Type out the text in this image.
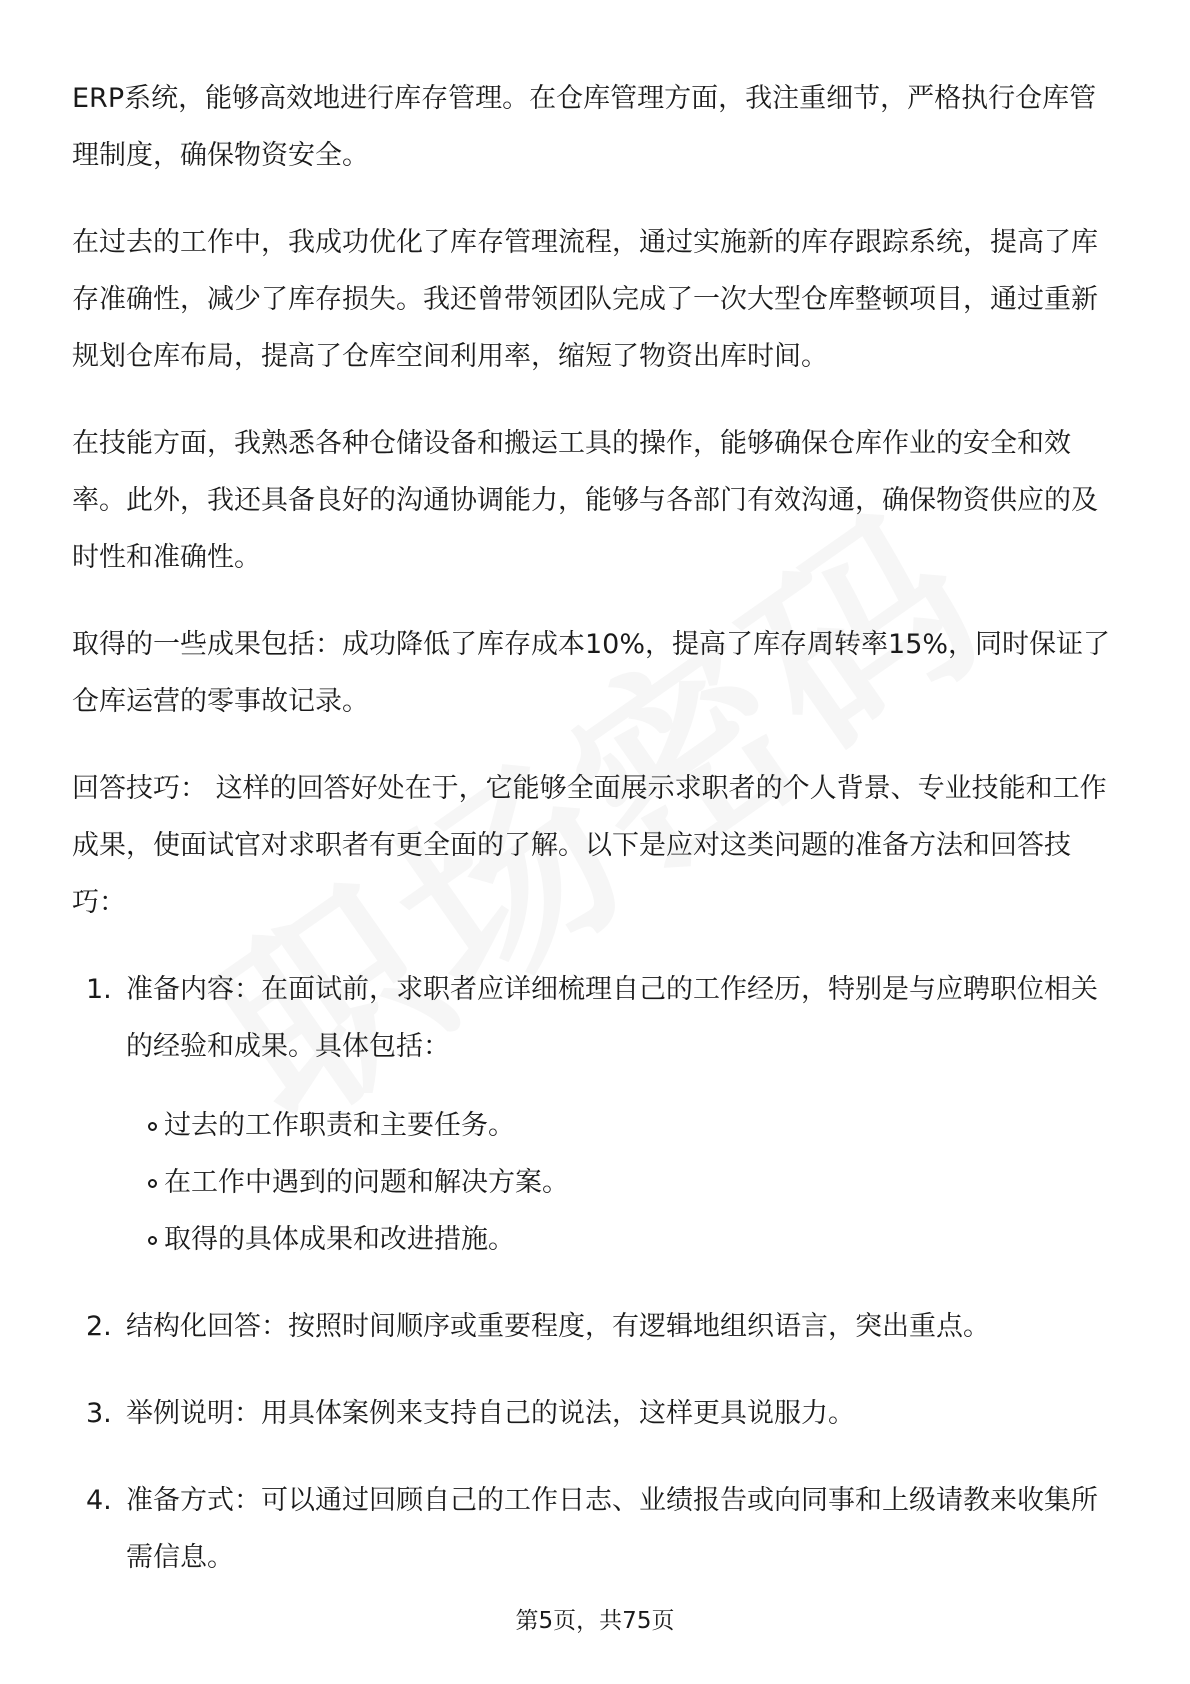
ERP系统，能够高效地进行库存管理。在仓库管理方面，我注重细节，严格执行仓库管理制度，确保物资安全。

在过去的工作中，我成功优化了库存管理流程，通过实施新的库存跟踪系统，提高了库存准确性，减少了库存损失。我还曾带领团队完成了一次大型仓库整顿项目，通过重新规划仓库布局，提高了仓库空间利用率，缩短了物资出库时间。

在技能方面，我熟悉各种仓储设备和搬运工具的操作，能够确保仓库作业的安全和效率。此外，我还具备良好的沟通协调能力，能够与各部门有效沟通，确保物资供应的及时性和准确性。

取得的一些成果包括：成功降低了库存成本10%，提高了库存周转率15%，同时保证了仓库运营的零事故记录。

回答技巧： 这样的回答好处在于，它能够全面展示求职者的个人背景、专业技能和工作成果，使面试官对求职者有更全面的了解。以下是应对这类问题的准备方法和回答技巧：

1. 准备内容：在面试前，求职者应详细梳理自己的工作经历，特别是与应聘职位相关的经验和成果。具体包括：
过去的工作职责和主要任务。
在工作中遇到的问题和解决方案。
取得的具体成果和改进措施。
2. 结构化回答：按照时间顺序或重要程度，有逻辑地组织语言，突出重点。
3. 举例说明：用具体案例来支持自己的说法，这样更具说服力。
4. 准备方式：可以通过回顾自己的工作日志、业绩报告或向同事和上级请教来收集所需信息。
第5页，共75页
